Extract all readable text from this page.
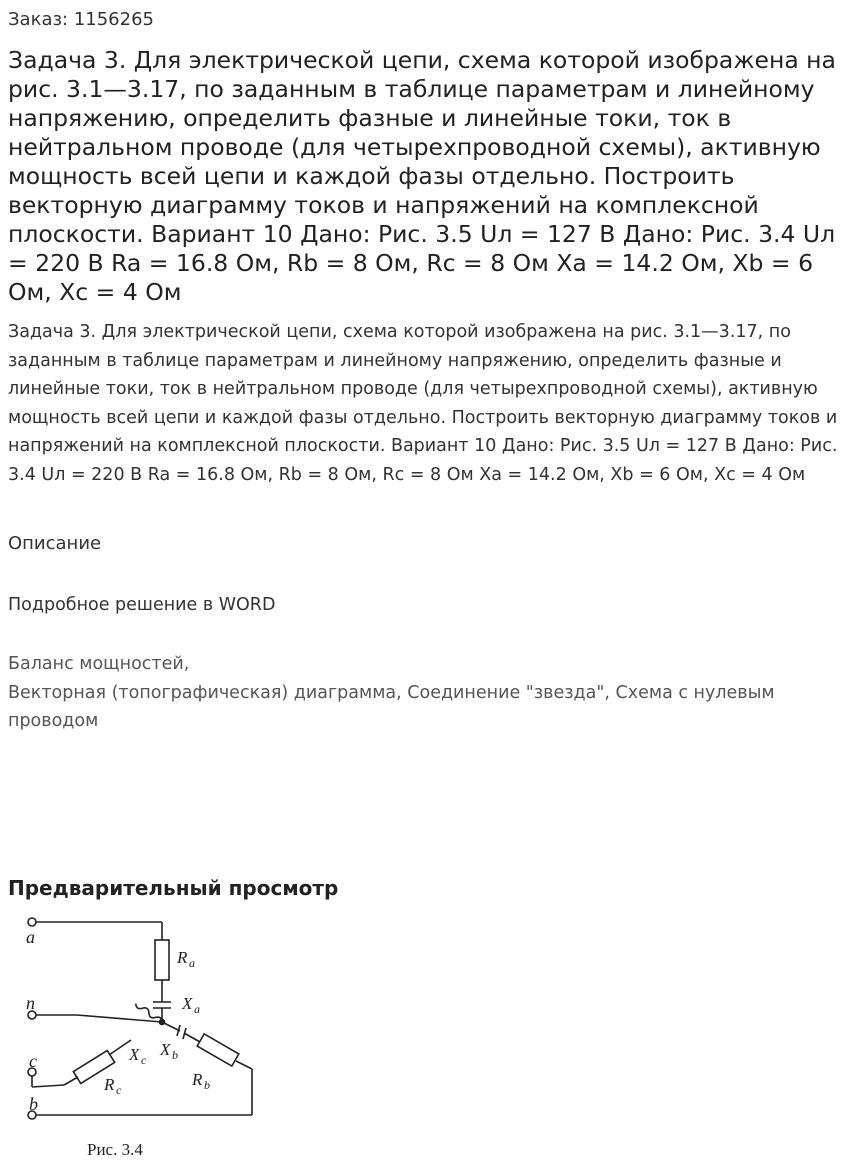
Заказ: 1156265
Задача 3. Для электрической цепи, схема которой изображена на рис. 3.1—3.17, по заданным в таблице параметрам и линейному напряжению, определить фазные и линейные токи, ток в нейтральном проводе (для четырехпроводной схемы), активную мощность всей цепи и каждой фазы отдельно. Построить векторную диаграмму токов и напряжений на комплексной плоскости. Вариант 10 Дано: Рис. 3.5 Uл = 127 В Дано: Рис. 3.4 Uл = 220 В Ra = 16.8 Ом, Rb = 8 Ом, Rc = 8 Ом Xa = 14.2 Ом, Xb = 6 Ом, Xc = 4 Ом

Задача 3. Для электрической цепи, схема которой изображена на рис. 3.1—3.17, по заданным в таблице параметрам и линейному напряжению, определить фазные и линейные токи, ток в нейтральном проводе (для четырехпроводной схемы), активную мощность всей цепи и каждой фазы отдельно. Построить векторную диаграмму токов и напряжений на комплексной плоскости. Вариант 10 Дано: Рис. 3.5 Uл = 127 В Дано: Рис. 3.4 Uл = 220 В Ra = 16.8 Ом, Rb = 8 Ом, Rc = 8 Ом Xa = 14.2 Ом, Xb = 6 Ом, Xc = 4 Ом

Описание
Подробное решение в WORD
Баланс мощностей,
Векторная (топографическая) диаграмма, Соединение "звезда", Схема с нулевым проводом
Предварительный просмотр
a
n
c
b
R a
X a
X c
X b
R c
R b
Рис. 3.4
